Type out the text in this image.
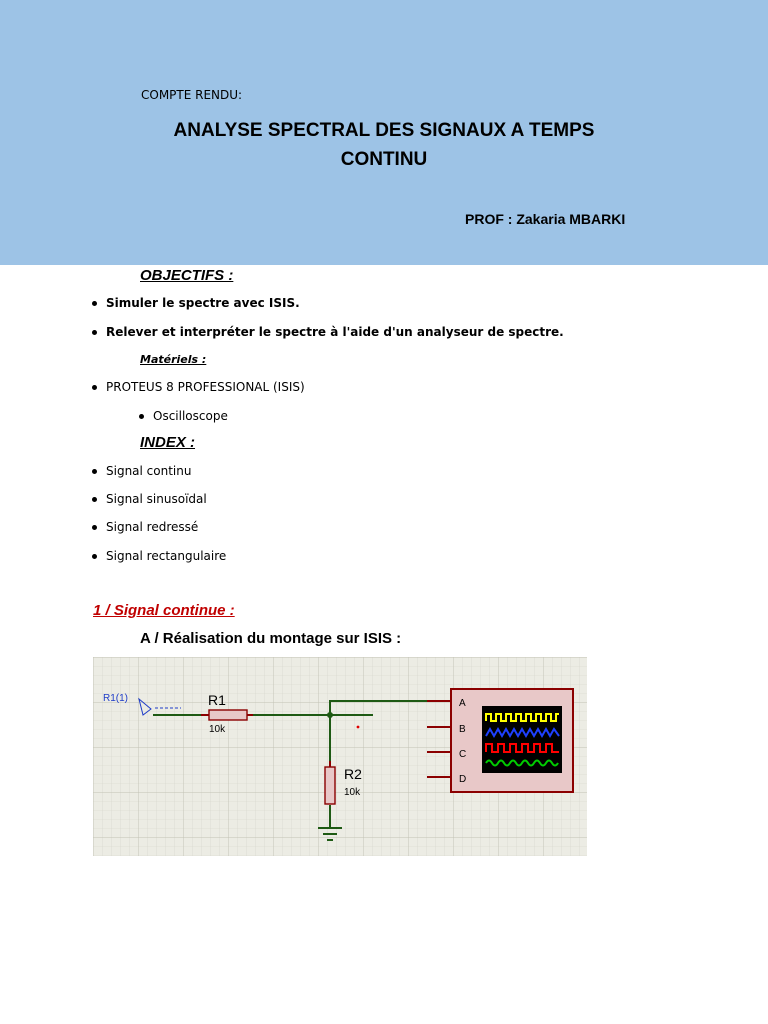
COMPTE RENDU:
ANALYSE SPECTRAL DES SIGNAUX A TEMPS
CONTINU
PROF : Zakaria MBARKI
OBJECTIFS :
Simuler le spectre avec ISIS.
Relever et interpréter le spectre à l'aide d'un analyseur de spectre.
Matériels :
PROTEUS 8 PROFESSIONAL (ISIS)
Oscilloscope
INDEX :
Signal continu
Signal sinusoïdal
Signal redressé
Signal rectangulaire
1 / Signal continue :
A / Réalisation du montage sur ISIS :
R1(1)	R1
10k
R2
10k
A
B
C
D
